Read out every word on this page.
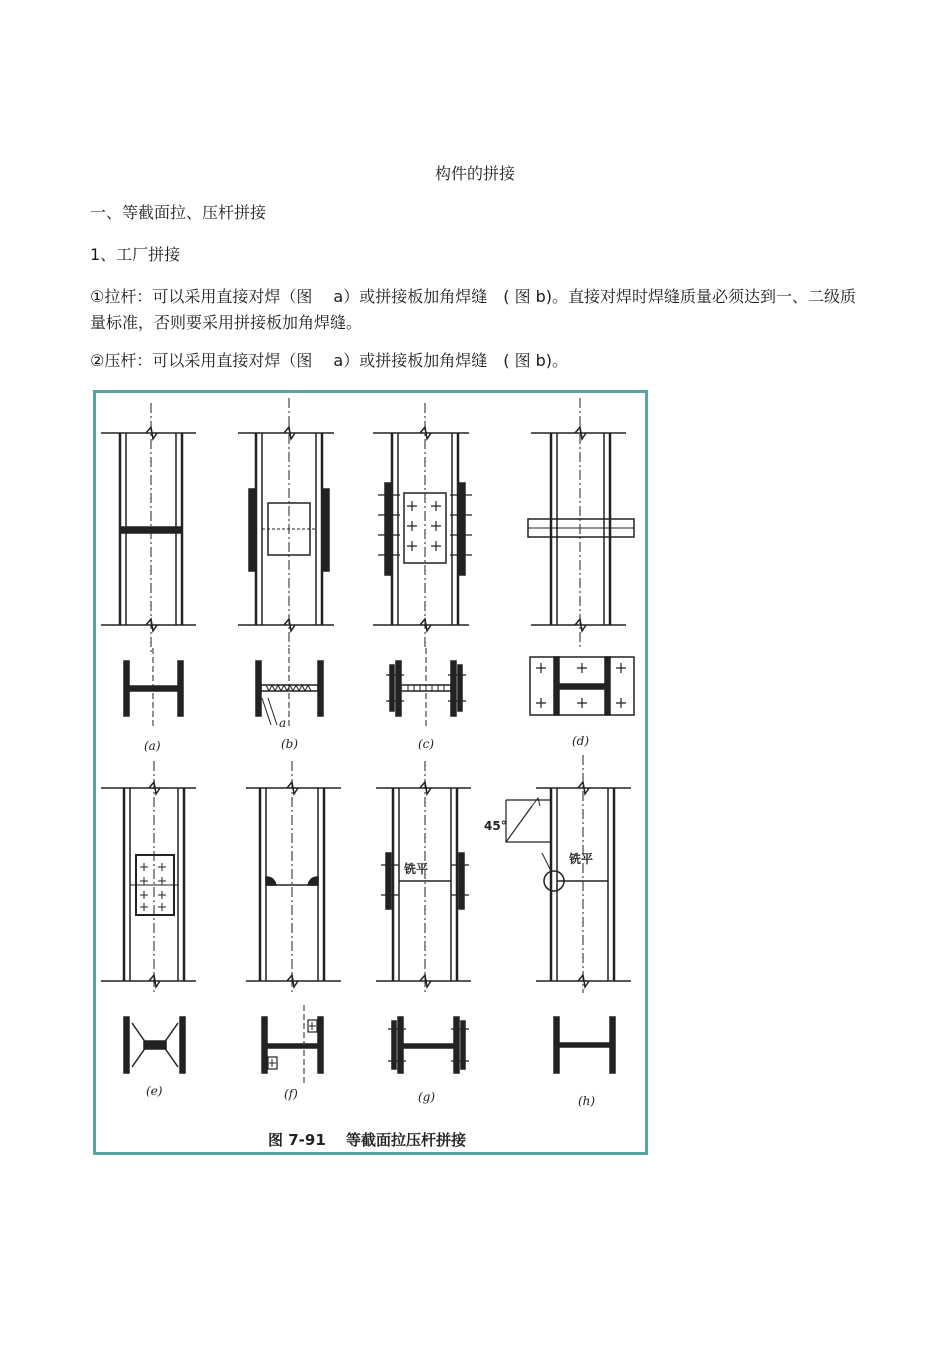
构件的拼接
一、等截面拉、压杆拼接
1、工厂拼接
①拉杆：可以采用直接对焊（图　 a）或拼接板加角焊缝　( 图 b)。直接对焊时焊缝质量必须达到一、二级质量标准，否则要采用拼接板加角焊缝。
②压杆：可以采用直接对焊（图　 a）或拼接板加角焊缝　( 图 b)。
(a)	(b)	(c)	(d)
(e)	(f)	(g)	(h)
a
45°
铣平
铣平
图 7-91　 等截面拉压杆拼接
